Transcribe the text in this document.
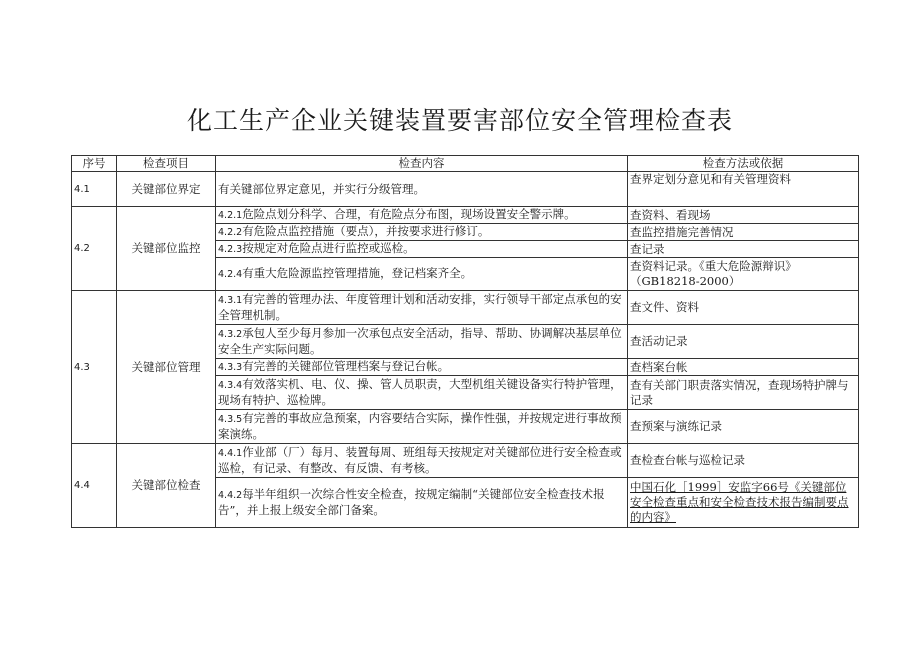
化工生产企业关键装置要害部位安全管理检查表
序号	检查项目	检查内容	检查方法或依据
4.1	关键部位界定	有关键部位界定意见，并实行分级管理。	查界定划分意见和有关管理资料
4.2	关键部位监控	4.2.1危险点划分科学、合理，有危险点分布图，现场设置安全警示牌。	查资料、看现场
		4.2.2有危险点监控措施（要点），并按要求进行修订。	查监控措施完善情况
		4.2.3按规定对危险点进行监控或巡检。	查记录
		4.2.4有重大危险源监控管理措施，登记档案齐全。	查资料记录。《重大危险源辩识》（GB18218-2000）
4.3	关键部位管理	4.3.1有完善的管理办法、年度管理计划和活动安排，实行领导干部定点承包的安全管理机制。	查文件、资料
		4.3.2承包人至少每月参加一次承包点安全活动，指导、帮助、协调解决基层单位安全生产实际问题。	查活动记录
		4.3.3有完善的关键部位管理档案与登记台帐。	查档案台帐
		4.3.4有效落实机、电、仪、操、管人员职责，大型机组关键设备实行特护管理，现场有特护、巡检牌。	查有关部门职责落实情况，查现场特护牌与记录
		4.3.5有完善的事故应急预案，内容要结合实际，操作性强，并按规定进行事故预案演练。	查预案与演练记录
4.4	关键部位检查	4.4.1作业部（厂）每月、装置每周、班组每天按规定对关键部位进行安全检查或巡检，有记录、有整改、有反馈、有考核。	查检查台帐与巡检记录
		4.4.2每半年组织一次综合性安全检查，按规定编制“关键部位安全检查技术报告”，并上报上级安全部门备案。	中国石化［1999］安监字66号《关键部位安全检查重点和安全检查技术报告编制要点的内容》
